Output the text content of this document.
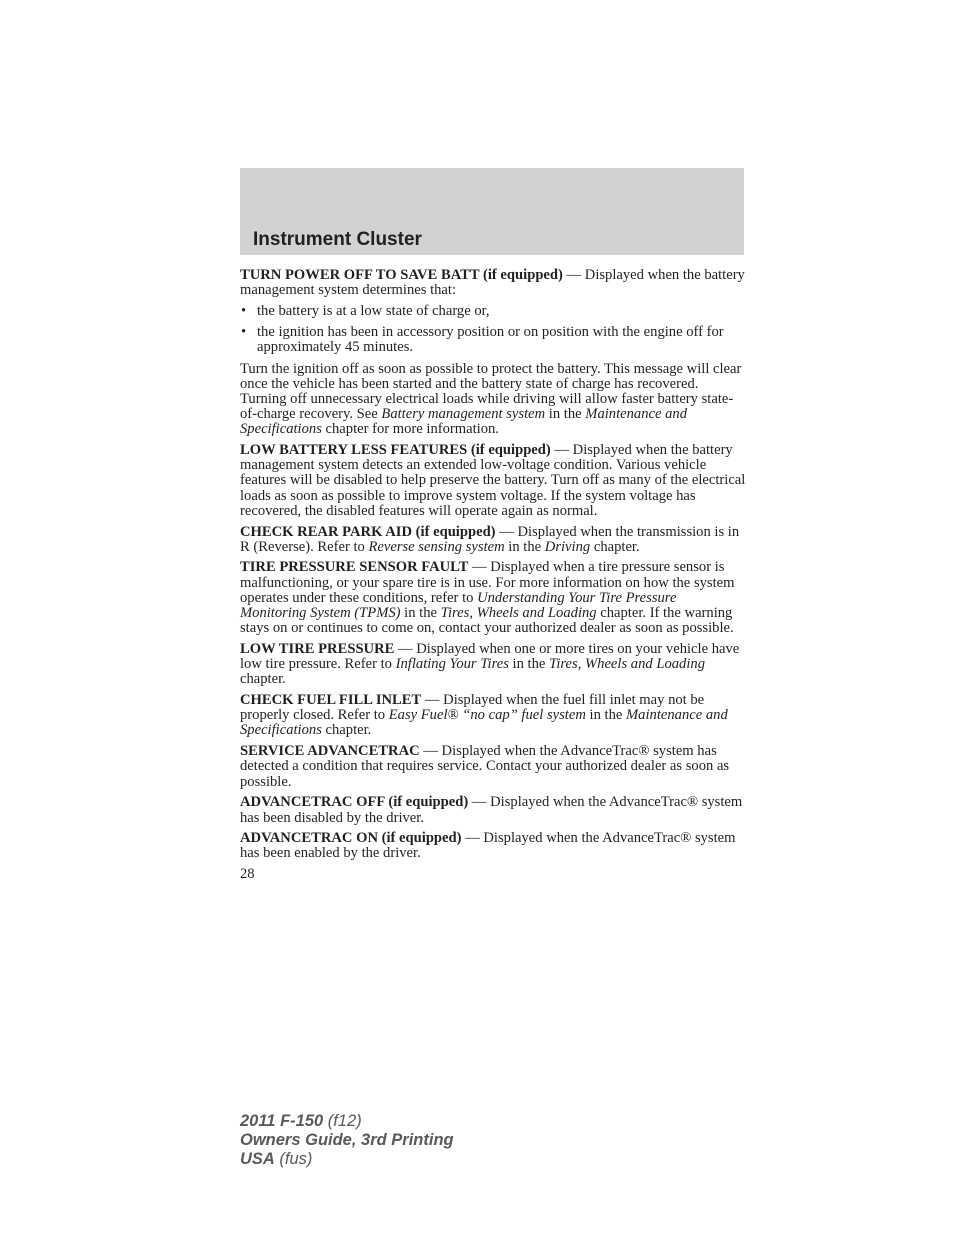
Instrument Cluster

TURN POWER OFF TO SAVE BATT (if equipped) — Displayed when the battery management system determines that:

• the battery is at a low state of charge or,
• the ignition has been in accessory position or on position with the engine off for approximately 45 minutes.

Turn the ignition off as soon as possible to protect the battery. This message will clear once the vehicle has been started and the battery state of charge has recovered. Turning off unnecessary electrical loads while driving will allow faster battery state-of-charge recovery. See Battery management system in the Maintenance and Specifications chapter for more information.

LOW BATTERY LESS FEATURES (if equipped) — Displayed when the battery management system detects an extended low-voltage condition. Various vehicle features will be disabled to help preserve the battery. Turn off as many of the electrical loads as soon as possible to improve system voltage. If the system voltage has recovered, the disabled features will operate again as normal.

CHECK REAR PARK AID (if equipped) — Displayed when the transmission is in R (Reverse). Refer to Reverse sensing system in the Driving chapter.

TIRE PRESSURE SENSOR FAULT — Displayed when a tire pressure sensor is malfunctioning, or your spare tire is in use. For more information on how the system operates under these conditions, refer to Understanding Your Tire Pressure Monitoring System (TPMS) in the Tires, Wheels and Loading chapter. If the warning stays on or continues to come on, contact your authorized dealer as soon as possible.

LOW TIRE PRESSURE — Displayed when one or more tires on your vehicle have low tire pressure. Refer to Inflating Your Tires in the Tires, Wheels and Loading chapter.

CHECK FUEL FILL INLET — Displayed when the fuel fill inlet may not be properly closed. Refer to Easy Fuel® “no cap” fuel system in the Maintenance and Specifications chapter.

SERVICE ADVANCETRAC — Displayed when the AdvanceTrac® system has detected a condition that requires service. Contact your authorized dealer as soon as possible.

ADVANCETRAC OFF (if equipped) — Displayed when the AdvanceTrac® system has been disabled by the driver.

ADVANCETRAC ON (if equipped) — Displayed when the AdvanceTrac® system has been enabled by the driver.

28
2011 F-150 (f12)
Owners Guide, 3rd Printing
USA (fus)
